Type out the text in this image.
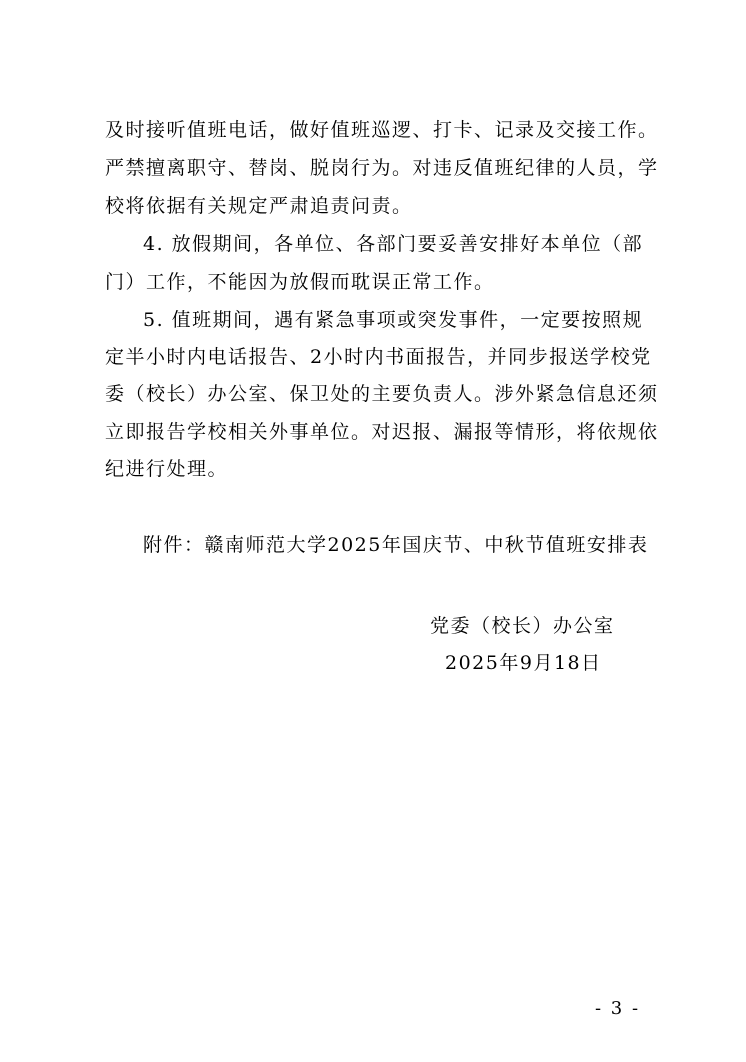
及时接听值班电话，做好值班巡逻、打卡、记录及交接工作。
严禁擅离职守、替岗、脱岗行为。对违反值班纪律的人员，学
校将依据有关规定严肃追责问责。
4. 放假期间，各单位、各部门要妥善安排好本单位（部
门）工作，不能因为放假而耽误正常工作。
5. 值班期间，遇有紧急事项或突发事件，一定要按照规
定半小时内电话报告、2小时内书面报告，并同步报送学校党
委（校长）办公室、保卫处的主要负责人。涉外紧急信息还须
立即报告学校相关外事单位。对迟报、漏报等情形，将依规依
纪进行处理。
附件：赣南师范大学2025年国庆节、中秋节值班安排表
党委（校长）办公室
2025年9月18日
- 3 -
